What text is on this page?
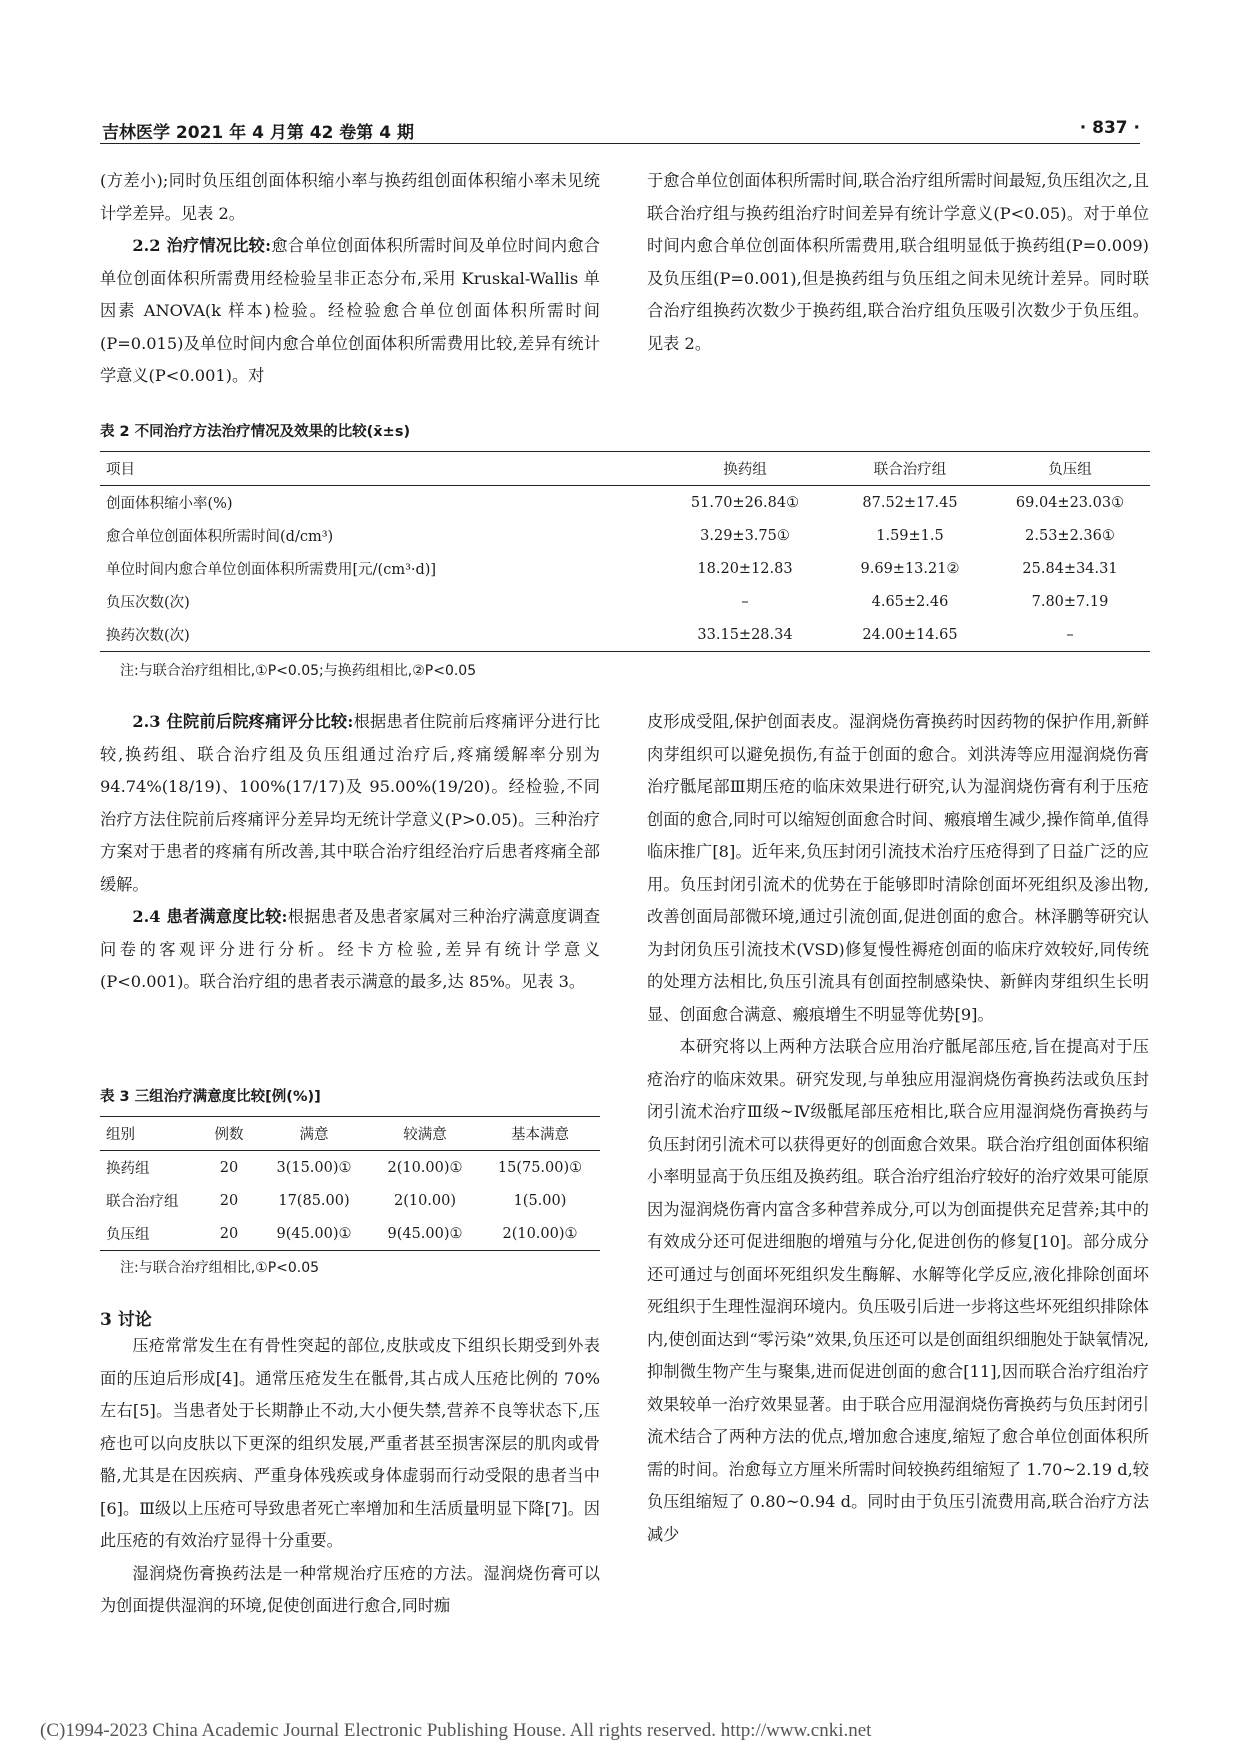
吉林医学 2021 年 4 月第 42 卷第 4 期	· 837 ·

(方差小);同时负压组创面体积缩小率与换药组创面体积缩小率未见统计学差异。见表 2。

2.2 治疗情况比较:愈合单位创面体积所需时间及单位时间内愈合单位创面体积所需费用经检验呈非正态分布,采用 Kruskal-Wallis 单因素 ANOVA(k 样本)检验。经检验愈合单位创面体积所需时间(P=0.015)及单位时间内愈合单位创面体积所需费用比较,差异有统计学意义(P<0.001)。对

于愈合单位创面体积所需时间,联合治疗组所需时间最短,负压组次之,且联合治疗组与换药组治疗时间差异有统计学意义(P<0.05)。对于单位时间内愈合单位创面体积所需费用,联合组明显低于换药组(P=0.009)及负压组(P=0.001),但是换药组与负压组之间未见统计差异。同时联合治疗组换药次数少于换药组,联合治疗组负压吸引次数少于负压组。见表 2。

表 2 不同治疗方法治疗情况及效果的比较(x̄±s)
项目	换药组	联合治疗组	负压组
创面体积缩小率(%)	51.70±26.84①	87.52±17.45	69.04±23.03①
愈合单位创面体积所需时间(d/cm³)	3.29±3.75①	1.59±1.5	2.53±2.36①
单位时间内愈合单位创面体积所需费用[元/(cm³·d)]	18.20±12.83	9.69±13.21②	25.84±34.31
负压次数(次)	–	4.65±2.46	7.80±7.19
换药次数(次)	33.15±28.34	24.00±14.65	–
注:与联合治疗组相比,①P<0.05;与换药组相比,②P<0.05

2.3 住院前后院疼痛评分比较:根据患者住院前后疼痛评分进行比较,换药组、联合治疗组及负压组通过治疗后,疼痛缓解率分别为 94.74%(18/19)、100%(17/17)及 95.00%(19/20)。经检验,不同治疗方法住院前后疼痛评分差异均无统计学意义(P>0.05)。三种治疗方案对于患者的疼痛有所改善,其中联合治疗组经治疗后患者疼痛全部缓解。

2.4 患者满意度比较:根据患者及患者家属对三种治疗满意度调查问卷的客观评分进行分析。经卡方检验,差异有统计学意义(P<0.001)。联合治疗组的患者表示满意的最多,达 85%。见表 3。

表 3 三组治疗满意度比较[例(%)]
组别	例数	满意	较满意	基本满意
换药组	20	3(15.00)①	2(10.00)①	15(75.00)①
联合治疗组	20	17(85.00)	2(10.00)	1(5.00)
负压组	20	9(45.00)①	9(45.00)①	2(10.00)①
注:与联合治疗组相比,①P<0.05
3 讨论

压疮常常发生在有骨性突起的部位,皮肤或皮下组织长期受到外表面的压迫后形成[4]。通常压疮发生在骶骨,其占成人压疮比例的 70%左右[5]。当患者处于长期静止不动,大小便失禁,营养不良等状态下,压疮也可以向皮肤以下更深的组织发展,严重者甚至损害深层的肌肉或骨骼,尤其是在因疾病、严重身体残疾或身体虚弱而行动受限的患者当中[6]。Ⅲ级以上压疮可导致患者死亡率增加和生活质量明显下降[7]。因此压疮的有效治疗显得十分重要。

湿润烧伤膏换药法是一种常规治疗压疮的方法。湿润烧伤膏可以为创面提供湿润的环境,促使创面进行愈合,同时痂

皮形成受阻,保护创面表皮。湿润烧伤膏换药时因药物的保护作用,新鲜肉芽组织可以避免损伤,有益于创面的愈合。刘洪涛等应用湿润烧伤膏治疗骶尾部Ⅲ期压疮的临床效果进行研究,认为湿润烧伤膏有利于压疮创面的愈合,同时可以缩短创面愈合时间、瘢痕增生减少,操作简单,值得临床推广[8]。近年来,负压封闭引流技术治疗压疮得到了日益广泛的应用。负压封闭引流术的优势在于能够即时清除创面坏死组织及渗出物,改善创面局部微环境,通过引流创面,促进创面的愈合。林泽鹏等研究认为封闭负压引流技术(VSD)修复慢性褥疮创面的临床疗效较好,同传统的处理方法相比,负压引流具有创面控制感染快、新鲜肉芽组织生长明显、创面愈合满意、瘢痕增生不明显等优势[9]。

本研究将以上两种方法联合应用治疗骶尾部压疮,旨在提高对于压疮治疗的临床效果。研究发现,与单独应用湿润烧伤膏换药法或负压封闭引流术治疗Ⅲ级~Ⅳ级骶尾部压疮相比,联合应用湿润烧伤膏换药与负压封闭引流术可以获得更好的创面愈合效果。联合治疗组创面体积缩小率明显高于负压组及换药组。联合治疗组治疗较好的治疗效果可能原因为湿润烧伤膏内富含多种营养成分,可以为创面提供充足营养;其中的有效成分还可促进细胞的增殖与分化,促进创伤的修复[10]。部分成分还可通过与创面坏死组织发生酶解、水解等化学反应,液化排除创面坏死组织于生理性湿润环境内。负压吸引后进一步将这些坏死组织排除体内,使创面达到“零污染”效果,负压还可以是创面组织细胞处于缺氧情况,抑制微生物产生与聚集,进而促进创面的愈合[11],因而联合治疗组治疗效果较单一治疗效果显著。由于联合应用湿润烧伤膏换药与负压封闭引流术结合了两种方法的优点,增加愈合速度,缩短了愈合单位创面体积所需的时间。治愈每立方厘米所需时间较换药组缩短了 1.70~2.19 d,较负压组缩短了 0.80~0.94 d。同时由于负压引流费用高,联合治疗方法减少

(C)1994-2023 China Academic Journal Electronic Publishing House. All rights reserved. http://www.cnki.net
